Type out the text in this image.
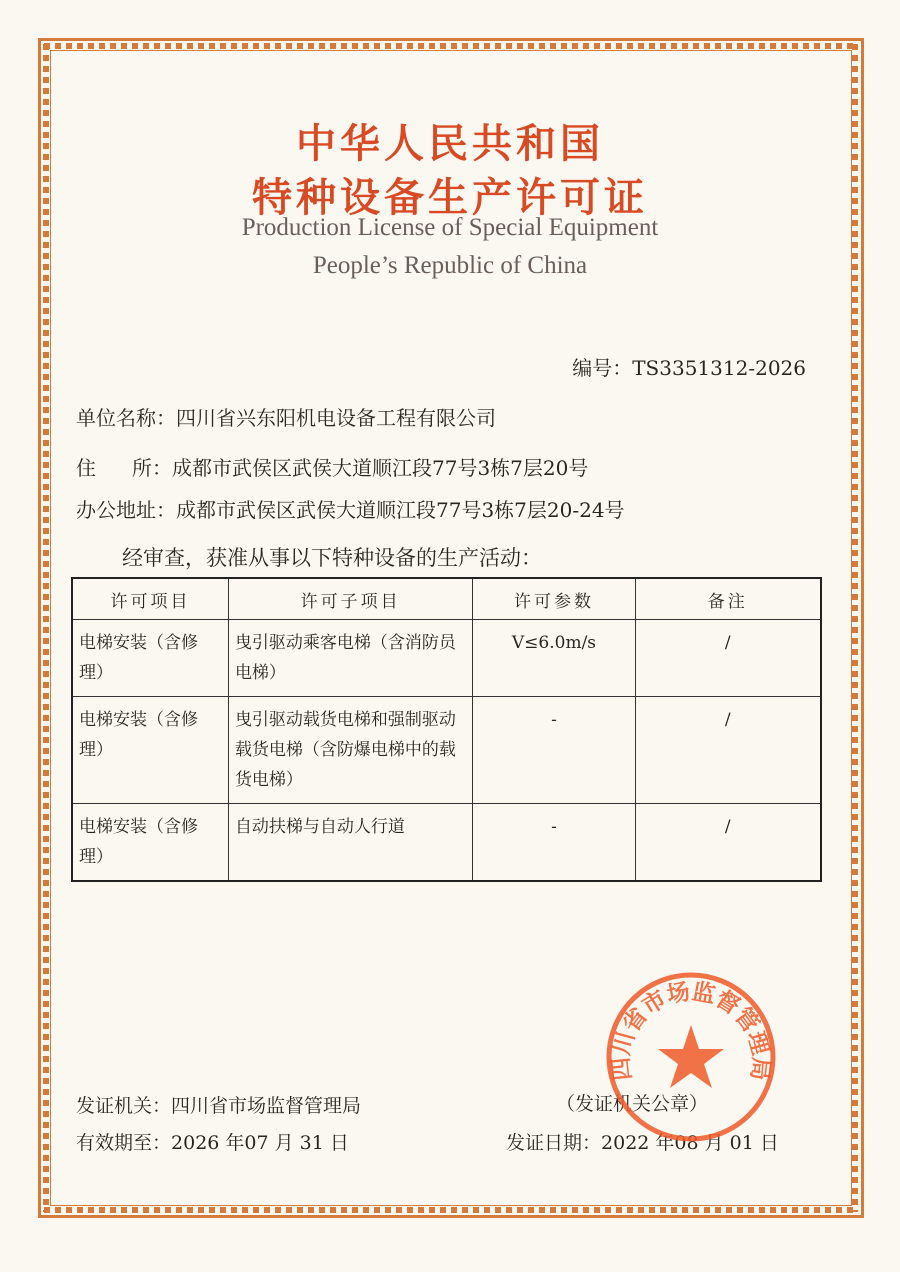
中华人民共和国
特种设备生产许可证
Production License of Special Equipment
People’s Republic of China
编号：TS3351312-2026
单位名称：四川省兴东阳机电设备工程有限公司
住所：成都市武侯区武侯大道顺江段77号3栋7层20号
办公地址：成都市武侯区武侯大道顺江段77号3栋7层20-24号
经审查，获准从事以下特种设备的生产活动：
许可项目	许可子项目	许可参数	备注
电梯安装（含修理）	曳引驱动乘客电梯（含消防员电梯）	V≤6.0m/s	/
电梯安装（含修理）	曳引驱动载货电梯和强制驱动载货电梯（含防爆电梯中的载货电梯）	-	/
电梯安装（含修理）	自动扶梯与自动人行道	-	/
发证机关：四川省市场监督管理局	（发证机关公章）
有效期至：2026 年07 月 31 日	发证日期：2022 年08 月 01 日
四川省市场监督管理局
